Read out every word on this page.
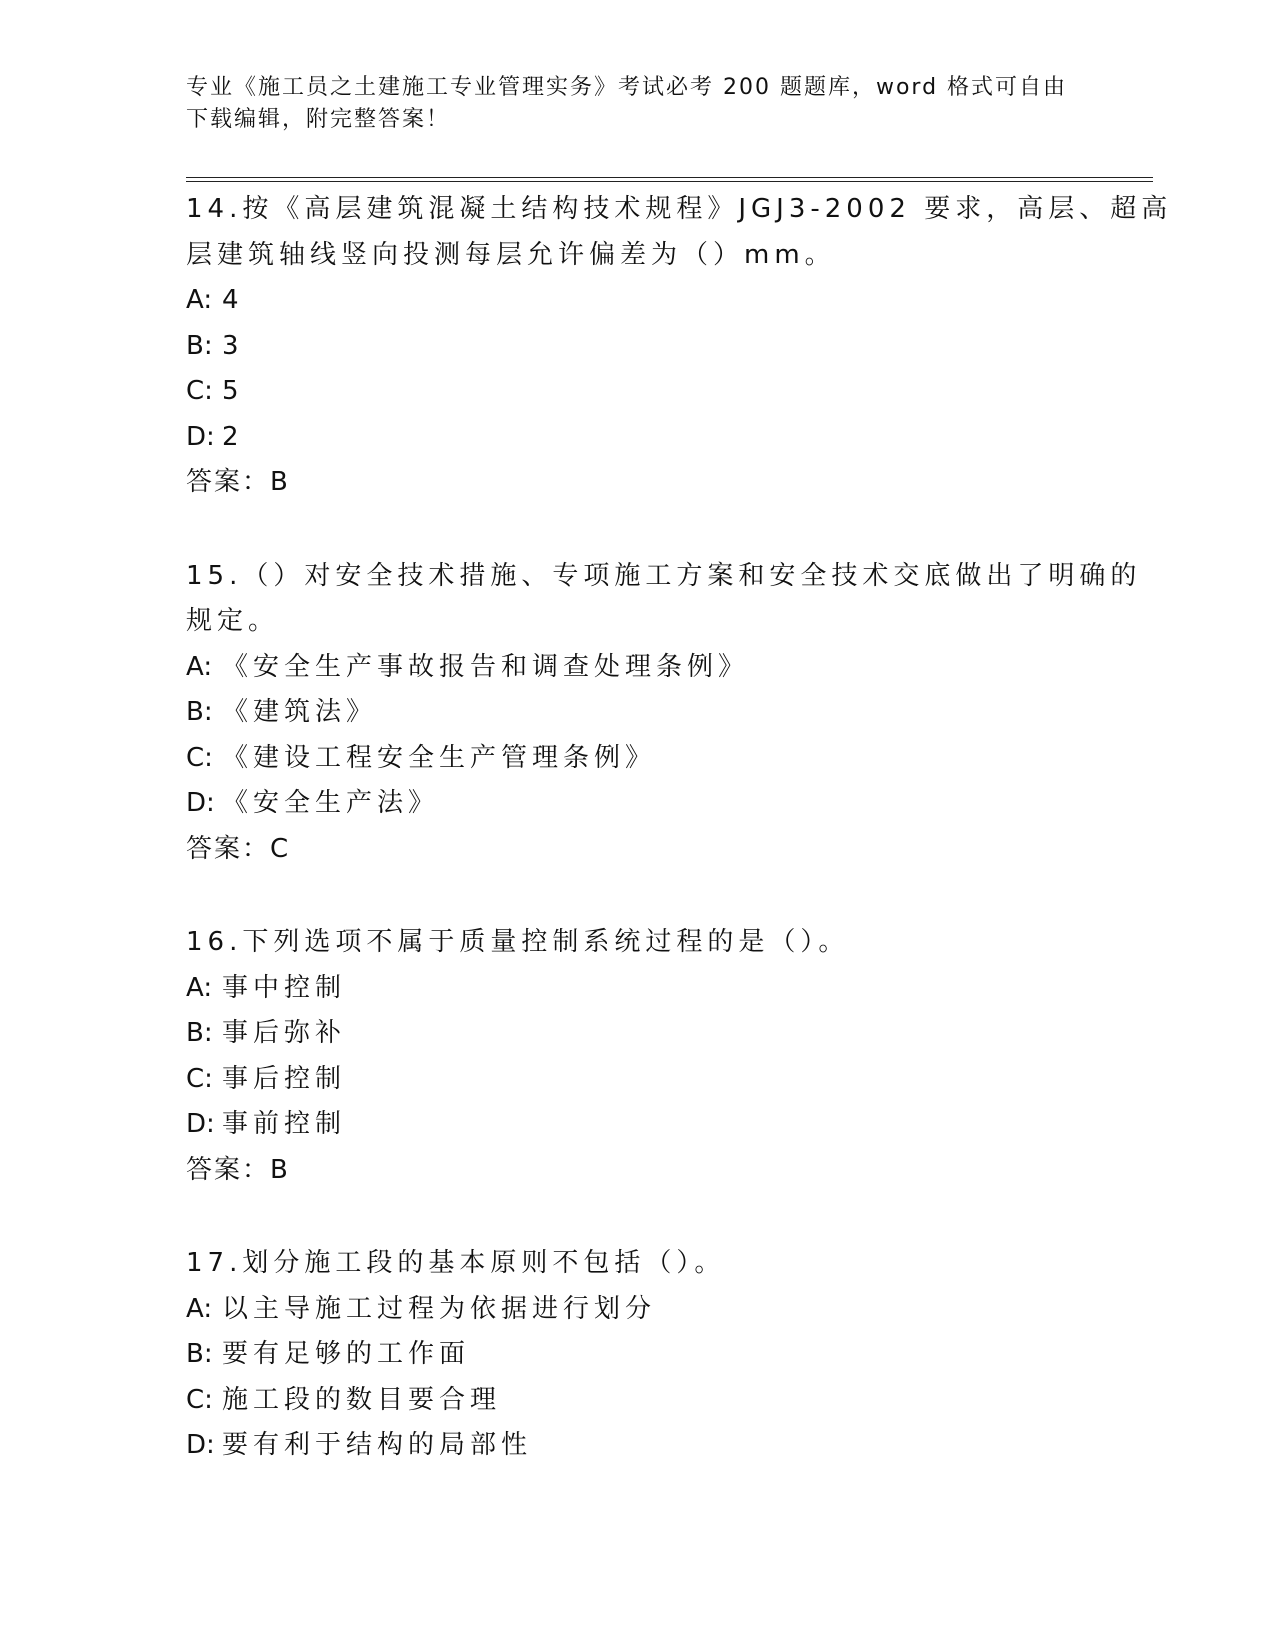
专业《施工员之土建施工专业管理实务》考试必考 200 题题库，word 格式可自由
下载编辑，附完整答案！
14.按《高层建筑混凝土结构技术规程》JGJ3-2002 要求，高层、超高
层建筑轴线竖向投测每层允许偏差为（）mm。
A: 4
B: 3
C: 5
D: 2
答案：B
15.（）对安全技术措施、专项施工方案和安全技术交底做出了明确的
规定。
A: 《安全生产事故报告和调查处理条例》
B: 《建筑法》
C: 《建设工程安全生产管理条例》
D: 《安全生产法》
答案：C
16.下列选项不属于质量控制系统过程的是（）。
A: 事中控制
B: 事后弥补
C: 事后控制
D: 事前控制
答案：B
17.划分施工段的基本原则不包括（）。
A: 以主导施工过程为依据进行划分
B: 要有足够的工作面
C: 施工段的数目要合理
D: 要有利于结构的局部性
